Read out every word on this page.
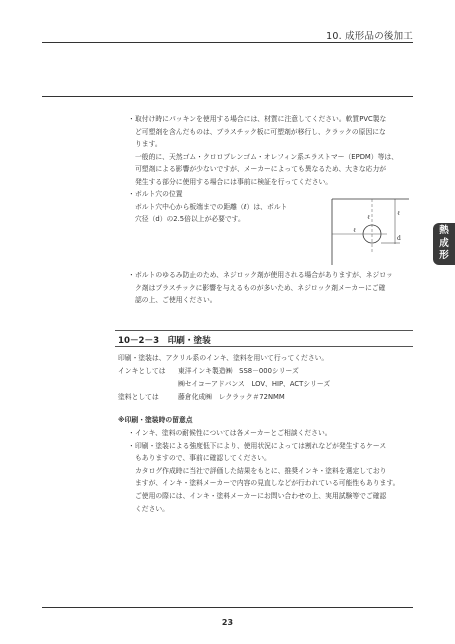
10. 成形品の後加工
熱
成
形
・ 取付け時にパッキンを使用する場合には、材質に注意してください。軟質PVC製な
ど可塑剤を含んだものは、プラスチック板に可塑剤が移行し、クラックの原因にな
ります。
一般的に、天然ゴム・クロロプレンゴム・オレフィン系エラストマー（EPDM）等は、
可塑剤による影響が少ないですが、メーカーによっても異なるため、大きな応力が
発生する部分に使用する場合には事前に検証を行ってください。
・ ボルト穴の位置
ボルト穴中心から板端までの距離（ℓ）は、ボルト
穴径（d）の2.5倍以上が必要です。
ℓ
ℓ
ℓ
d
・ ボルトのゆるみ防止のため、ネジロック剤が使用される場合がありますが、ネジロッ
ク剤はプラスチックに影響を与えるものが多いため、ネジロック剤メーカーにご確
認の上、ご使用ください。
10－2－3　印刷・塗装
印刷・塗装は、アクリル系のインキ、塗料を用いて行ってください。
インキとしては 東洋インキ製造㈱　SS8－000シリーズ
㈱セイコーアドバンス　LOV、HIP、ACTシリーズ
塗料としては	藤倉化成㈱　レクラック＃72NMM
※印刷・塗装時の留意点
・ インキ、塗料の耐候性については各メーカーとご相談ください。
・ 印刷・塗装による強度低下により、使用状況によっては割れなどが発生するケース
もありますので、事前に確認してください。
カタログ作成時に当社で評価した結果をもとに、推奨インキ・塗料を選定しており
ますが、インキ・塗料メーカーで内容の見直しなどが行われている可能性もあります。
ご使用の際には、インキ・塗料メーカーにお問い合わせの上、実用試験等でご確認
ください。
23
